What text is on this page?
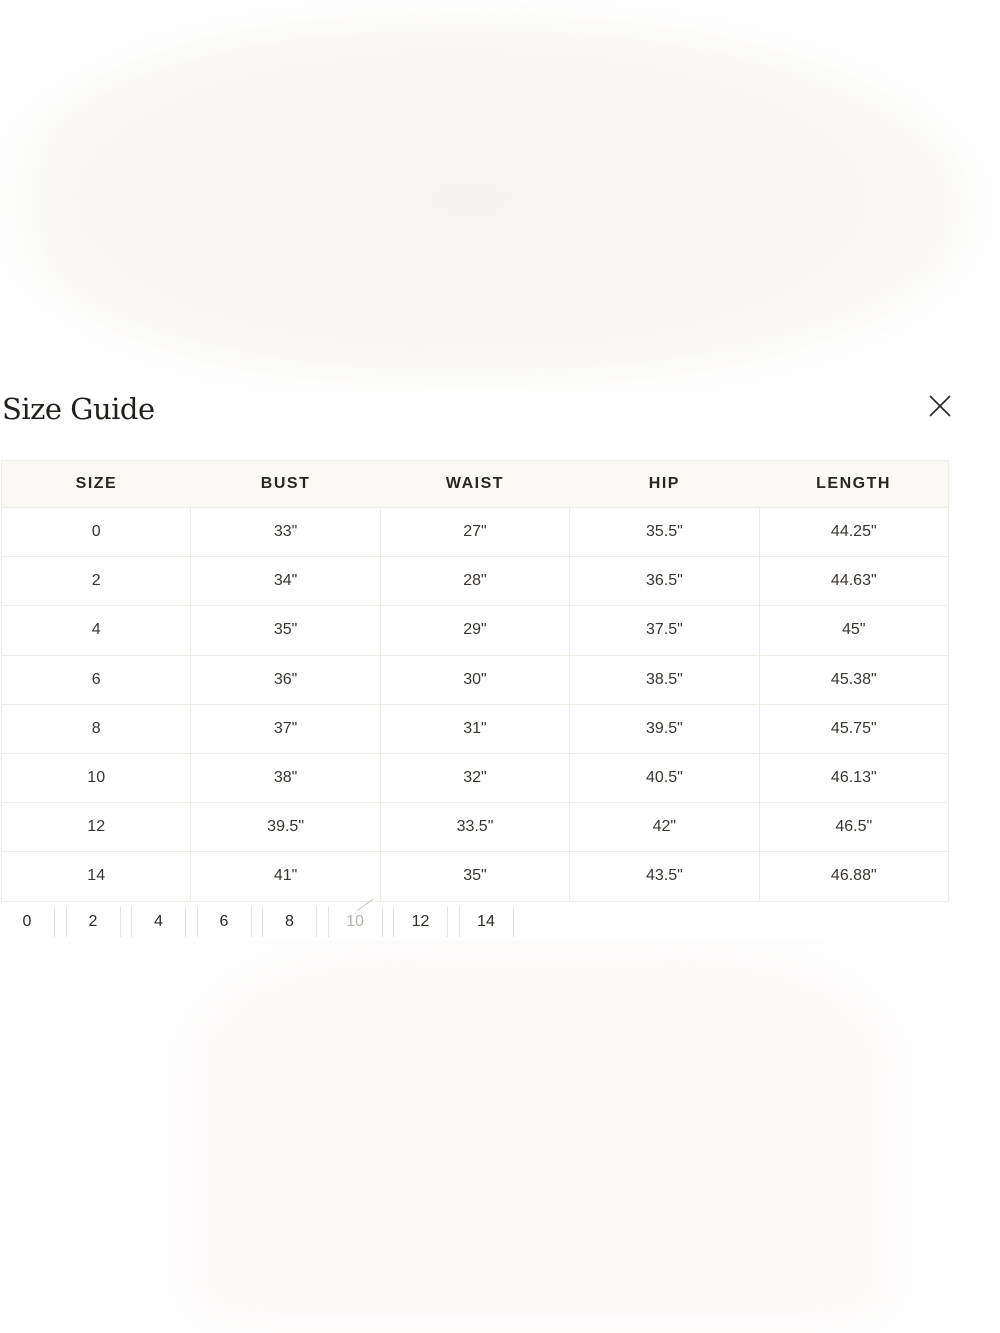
Size Guide
SIZE	BUST	WAIST	HIP	LENGTH
0	33"	27"	35.5"	44.25"
2	34"	28"	36.5"	44.63"
4	35"	29"	37.5"	45"
6	36"	30"	38.5"	45.38"
8	37"	31"	39.5"	45.75"
10	38"	32"	40.5"	46.13"
12	39.5"	33.5"	42"	46.5"
14	41"	35"	43.5"	46.88"
0	2	4	6	8	10	12	14
